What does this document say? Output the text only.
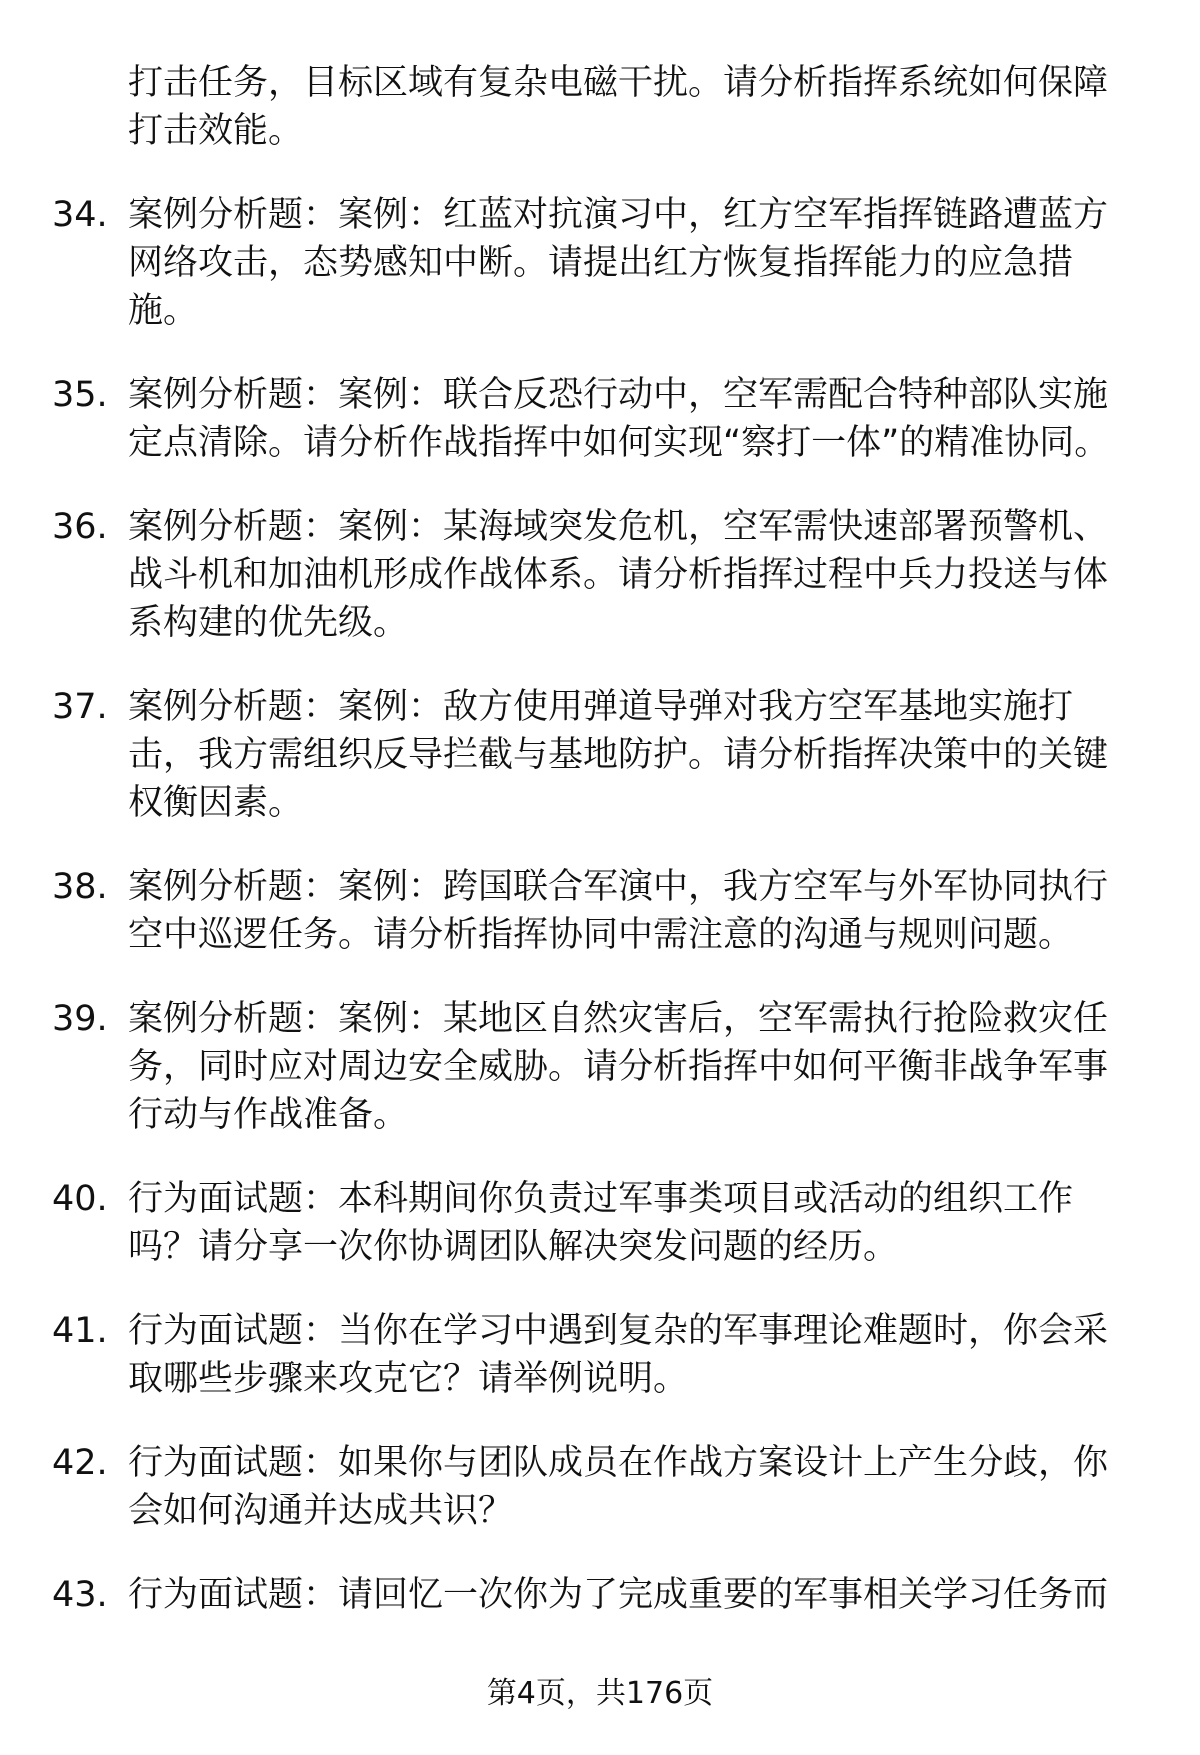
打击任务，目标区域有复杂电磁干扰。请分析指挥系统如何保障打击效能。
34. 案例分析题：案例：红蓝对抗演习中，红方空军指挥链路遭蓝方网络攻击，态势感知中断。请提出红方恢复指挥能力的应急措施。
35. 案例分析题：案例：联合反恐行动中，空军需配合特种部队实施定点清除。请分析作战指挥中如何实现“察打一体”的精准协同。
36. 案例分析题：案例：某海域突发危机，空军需快速部署预警机、战斗机和加油机形成作战体系。请分析指挥过程中兵力投送与体系构建的优先级。
37. 案例分析题：案例：敌方使用弹道导弹对我方空军基地实施打击，我方需组织反导拦截与基地防护。请分析指挥决策中的关键权衡因素。
38. 案例分析题：案例：跨国联合军演中，我方空军与外军协同执行空中巡逻任务。请分析指挥协同中需注意的沟通与规则问题。
39. 案例分析题：案例：某地区自然灾害后，空军需执行抢险救灾任务，同时应对周边安全威胁。请分析指挥中如何平衡非战争军事行动与作战准备。
40. 行为面试题：本科期间你负责过军事类项目或活动的组织工作吗？请分享一次你协调团队解决突发问题的经历。
41. 行为面试题：当你在学习中遇到复杂的军事理论难题时，你会采取哪些步骤来攻克它？请举例说明。
42. 行为面试题：如果你与团队成员在作战方案设计上产生分歧，你会如何沟通并达成共识？
43. 行为面试题：请回忆一次你为了完成重要的军事相关学习任务而
第4页，共176页
